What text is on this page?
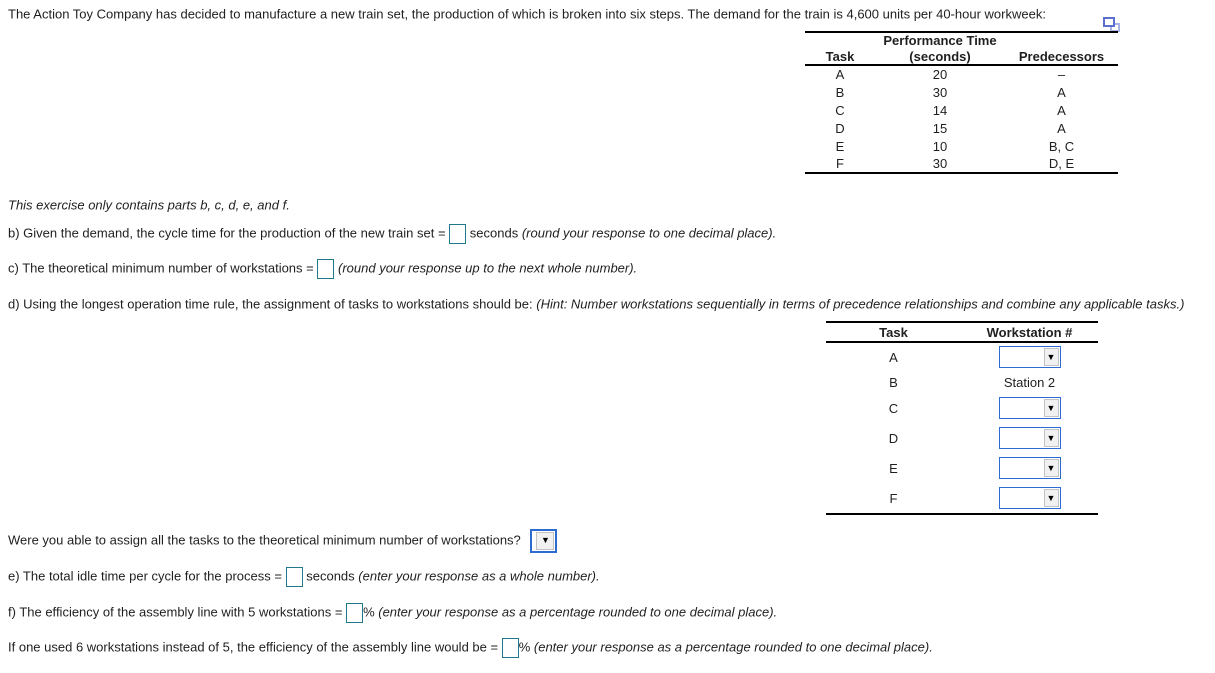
The Action Toy Company has decided to manufacture a new train set, the production of which is broken into six steps. The demand for the train is 4,600 units per 40-hour workweek:
	Performance Time	
Task	(seconds)	Predecessors
A	20	–
B	30	A
C	14	A
D	15	A
E	10	B, C
F	30	D, E
This exercise only contains parts b, c, d, e, and f.
b) Given the demand, the cycle time for the production of the new train set = seconds (round your response to one decimal place).
c) The theoretical minimum number of workstations = (round your response up to the next whole number).
d) Using the longest operation time rule, the assignment of tasks to workstations should be: (Hint: Number workstations sequentially in terms of precedence relationships and combine any applicable tasks.)
Task	Workstation #
A	▼
B	Station 2
C	▼
D	▼
E	▼
F	▼
Were you able to assign all the tasks to the theoretical minimum number of workstations?	▼
e) The total idle time per cycle for the process = seconds (enter your response as a whole number).
f) The efficiency of the assembly line with 5 workstations = % (enter your response as a percentage rounded to one decimal place).
If one used 6 workstations instead of 5, the efficiency of the assembly line would be = % (enter your response as a percentage rounded to one decimal place).
